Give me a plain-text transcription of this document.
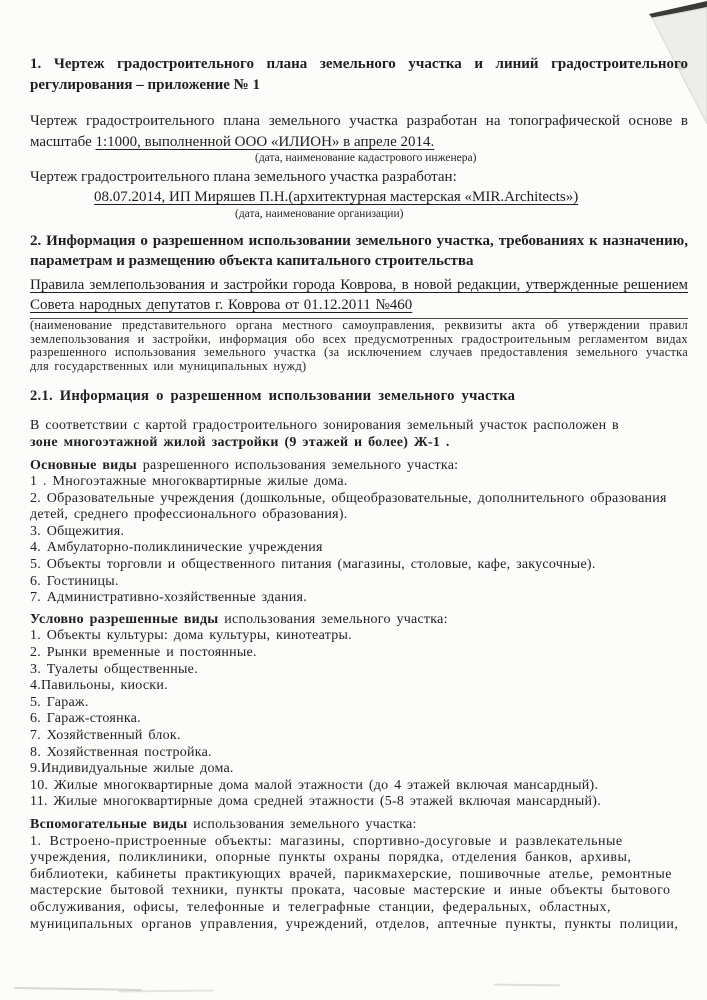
1. Чертеж градостроительного плана земельного участка и линий градостроительного регулирования – приложение № 1
Чертеж градостроительного плана земельного участка разработан на топографической основе в масштабе 1:1000, выполненной ООО «ИЛИОН» в апреле 2014.
(дата, наименование кадастрового инженера)
Чертеж градостроительного плана земельного участка разработан:
08.07.2014, ИП Миряшев П.Н.(архитектурная мастерская «MIR.Architects»)
(дата, наименование организации)
2. Информация о разрешенном использовании земельного участка, требованиях к назначению, параметрам и размещению объекта капитального строительства
Правила землепользования и застройки города Коврова, в новой редакции, утвержденные решением Совета народных депутатов г. Коврова от 01.12.2011 №460
(наименование представительного органа местного самоуправления, реквизиты акта об утверждении правил землепользования и застройки, информация обо всех предусмотренных градостроительным регламентом видах разрешенного использования земельного участка (за исключением случаев предоставления земельного участка для государственных или муниципальных нужд)
2.1. Информация о разрешенном использовании земельного участка
В соответствии с картой градостроительного зонирования земельный участок расположен в
зоне многоэтажной жилой застройки (9 этажей и более) Ж-1 .
Основные виды разрешенного использования земельного участка:
1 . Многоэтажные многоквартирные жилые дома.
2. Образовательные учреждения (дошкольные, общеобразовательные, дополнительного образования детей, среднего профессионального образования).
3. Общежития.
4. Амбулаторно-поликлинические учреждения
5. Объекты торговли и общественного питания (магазины, столовые, кафе, закусочные).
6. Гостиницы.
7. Административно-хозяйственные здания.
Условно разрешенные виды использования земельного участка:
1. Объекты культуры: дома культуры, кинотеатры.
2. Рынки временные и постоянные.
3. Туалеты общественные.
4.Павильоны, киоски.
5. Гараж.
6. Гараж-стоянка.
7. Хозяйственный блок.
8. Хозяйственная постройка.
9.Индивидуальные жилые дома.
10. Жилые многоквартирные дома малой этажности (до 4 этажей включая мансардный).
11. Жилые многоквартирные дома средней этажности (5-8 этажей включая мансардный).
Вспомогательные виды использования земельного участка:
1. Встроено-пристроенные объекты: магазины, спортивно-досуговые и развлекательные учреждения, поликлиники, опорные пункты охраны порядка, отделения банков, архивы, библиотеки, кабинеты практикующих врачей, парикмахерские, пошивочные ателье, ремонтные мастерские бытовой техники, пункты проката, часовые мастерские и иные объекты бытового обслуживания, офисы, телефонные и телеграфные станции, федеральных, областных, муниципальных органов управления, учреждений, отделов, аптечные пункты, пункты полиции,
